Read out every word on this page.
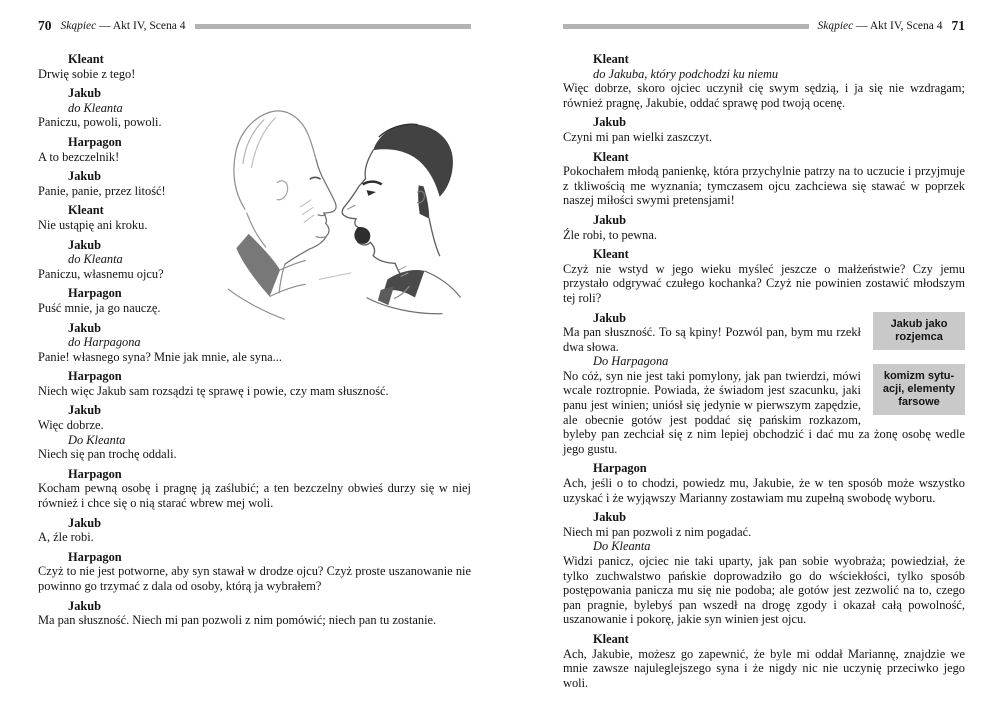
70 Skąpiec — Akt IV, Scena 4

Kleant

Drwię sobie z tego!

Jakub

do Kleanta

Paniczu, powoli, powoli.

Harpagon

A to bezczelnik!

Jakub

Panie, panie, przez litość!

Kleant

Nie ustąpię ani kroku.

Jakub

do Kleanta

Paniczu, własnemu ojcu?

Harpagon

Puść mnie, ja go nauczę.

Jakub

do Harpagona

Panie! własnego syna? Mnie jak mnie, ale syna...

Harpagon

Niech więc Jakub sam rozsądzi tę sprawę i powie, czy mam słuszność.

Jakub

Więc dobrze.

Do Kleanta

Niech się pan trochę oddali.

Harpagon

Kocham pewną osobę i pragnę ją zaślubić; a ten bezczelny obwieś durzy się w niej również i chce się o nią starać wbrew mej woli.

Jakub

A, źle robi.

Harpagon

Czyż to nie jest potworne, aby syn stawał w drodze ojcu? Czyż proste uszanowanie nie powinno go trzymać z dala od osoby, którą ja wybrałem?

Jakub

Ma pan słuszność. Niech mi pan pozwoli z nim pomówić; niech pan tu zostanie.

Skąpiec — Akt IV, Scena 4 71

Kleant

do Jakuba, który podchodzi ku niemu

Więc dobrze, skoro ojciec uczynił cię swym sędzią, i ja się nie wzdragam; również pragnę, Jakubie, oddać sprawę pod twoją ocenę.

Jakub

Czyni mi pan wielki zaszczyt.

Kleant

Pokochałem młodą panienkę, która przychylnie patrzy na to uczucie i przyjmuje z tkliwością me wyznania; tymczasem ojcu zachciewa się stawać w poprzek naszej miłości swymi pretensjami!

Jakub

Źle robi, to pewna.

Kleant

Czyż nie wstyd w jego wieku myśleć jeszcze o małżeństwie? Czy jemu przystało odgrywać czułego kochanka? Czyż nie powinien zostawić młodszym tej roli?

Jakub jako
rozjemca
komizm sytu-
acji, elementy
farsowe

Jakub

Ma pan słuszność. To są kpiny! Pozwól pan, bym mu rzekł dwa słowa.

Do Harpagona

No cóż, syn nie jest taki pomylony, jak pan twierdzi, mówi wcale roztropnie. Powiada, że świadom jest szacunku, jaki panu jest winien; uniósł się jedynie w pierwszym zapędzie, ale obecnie gotów jest poddać się pańskim rozkazom, byleby pan zechciał się z nim lepiej obchodzić i dać mu za żonę osobę wedle jego gustu.

Harpagon

Ach, jeśli o to chodzi, powiedz mu, Jakubie, że w ten sposób może wszystko uzyskać i że wyjąwszy Marianny zostawiam mu zupełną swobodę wyboru.

Jakub

Niech mi pan pozwoli z nim pogadać.

Do Kleanta

Widzi panicz, ojciec nie taki uparty, jak pan sobie wyobraża; powiedział, że tylko zuchwalstwo pańskie doprowadziło go do wściekłości, tylko sposób postępowania panicza mu się nie podoba; ale gotów jest zezwolić na to, czego pan pragnie, bylebyś pan wszedł na drogę zgody i okazał całą powolność, uszanowanie i pokorę, jakie syn winien jest ojcu.

Kleant

Ach, Jakubie, możesz go zapewnić, że byle mi oddał Mariannę, znajdzie we mnie zawsze najuleglejszego syna i że nigdy nic nie uczynię przeciwko jego woli.
